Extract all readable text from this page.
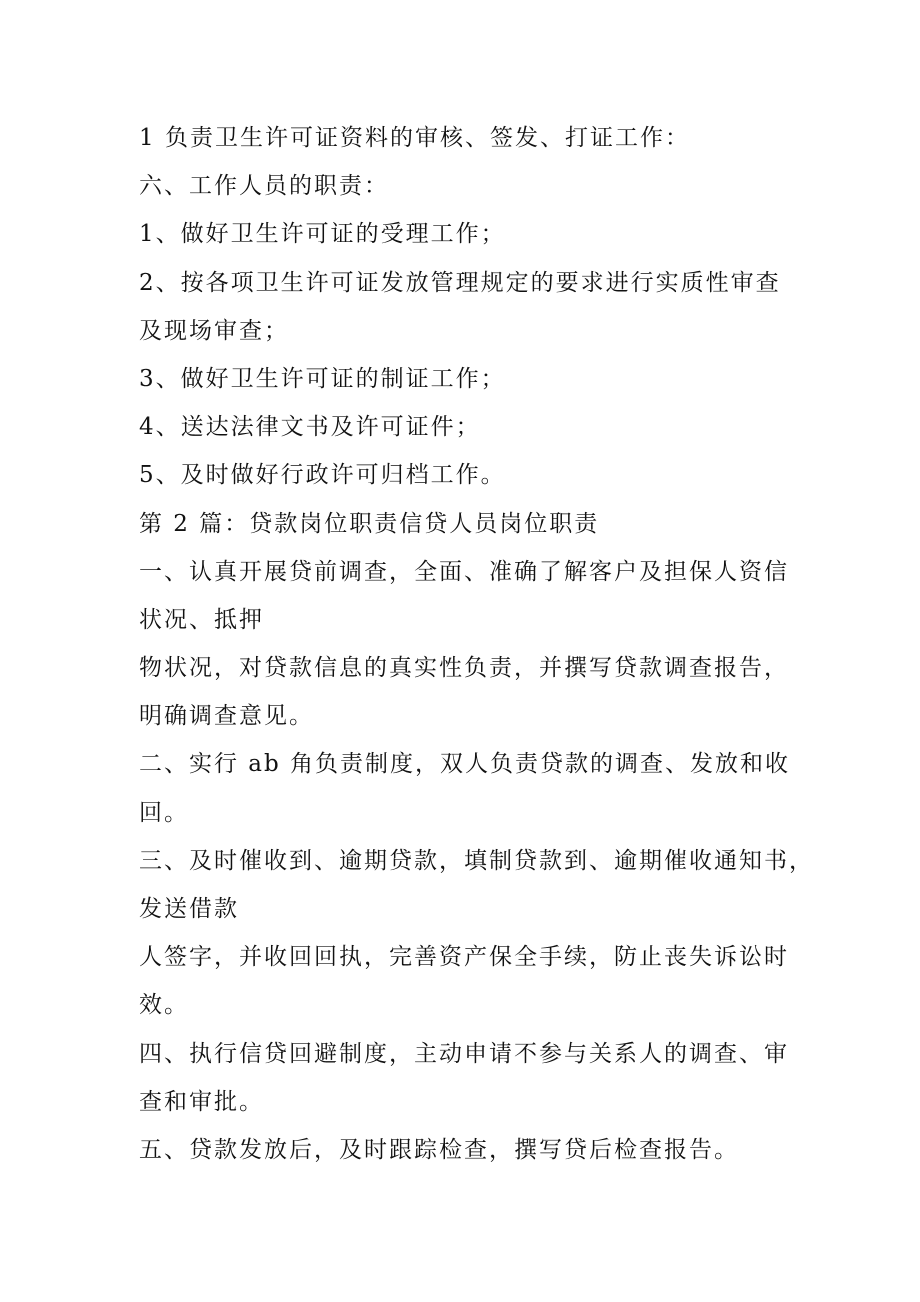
1 负责卫生许可证资料的审核、签发、打证工作：
六、工作人员的职责：
1、做好卫生许可证的受理工作；
2、按各项卫生许可证发放管理规定的要求进行实质性审查
及现场审查；
3、做好卫生许可证的制证工作；
4、送达法律文书及许可证件；
5、及时做好行政许可归档工作。
第 2 篇：贷款岗位职责信贷人员岗位职责
一、认真开展贷前调查，全面、准确了解客户及担保人资信
状况、抵押
物状况，对贷款信息的真实性负责，并撰写贷款调查报告，
明确调查意见。
二、实行 ab 角负责制度，双人负责贷款的调查、发放和收
回。
三、及时催收到、逾期贷款，填制贷款到、逾期催收通知书，
发送借款
人签字，并收回回执，完善资产保全手续，防止丧失诉讼时
效。
四、执行信贷回避制度，主动申请不参与关系人的调查、审
查和审批。
五、贷款发放后，及时跟踪检查，撰写贷后检查报告。
